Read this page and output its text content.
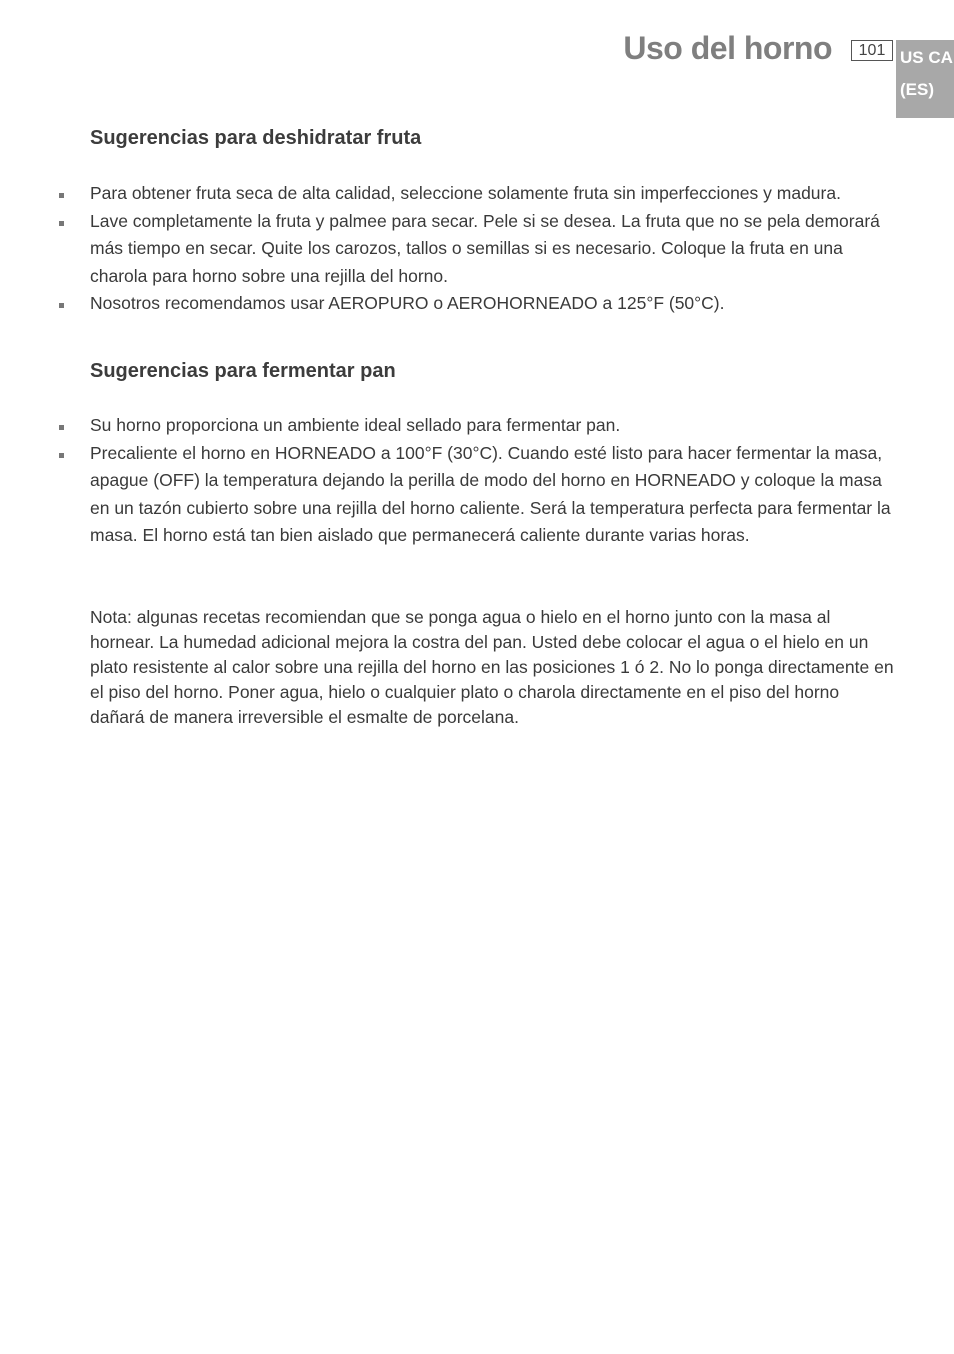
Uso del horno	101 US CA
(ES)
Sugerencias para deshidratar fruta
Para obtener fruta seca de alta calidad, seleccione solamente fruta sin imperfecciones y madura.
Lave completamente la fruta y palmee para secar. Pele si se desea. La fruta que no se pela demorará más tiempo en secar. Quite los carozos, tallos o semillas si es necesario. Coloque la fruta en una charola para horno sobre una rejilla del horno.
Nosotros recomendamos usar AEROPURO o AEROHORNEADO a 125°F (50°C).
Sugerencias para fermentar pan
Su horno proporciona un ambiente ideal sellado para fermentar pan.
Precaliente el horno en HORNEADO a 100°F (30°C). Cuando esté listo para hacer fermentar la masa, apague (OFF) la temperatura dejando la perilla de modo del horno en HORNEADO y coloque la masa en un tazón cubierto sobre una rejilla del horno caliente. Será la temperatura perfecta para fermentar la masa. El horno está tan bien aislado que permanecerá caliente durante varias horas.
Nota: algunas recetas recomiendan que se ponga agua o hielo en el horno junto con la masa al hornear. La humedad adicional mejora la costra del pan. Usted debe colocar el agua o el hielo en un plato resistente al calor sobre una rejilla del horno en las posiciones 1 ó 2. No lo ponga directamente en el piso del horno. Poner agua, hielo o cualquier plato o charola directamente en el piso del horno dañará de manera irreversible el esmalte de porcelana.
